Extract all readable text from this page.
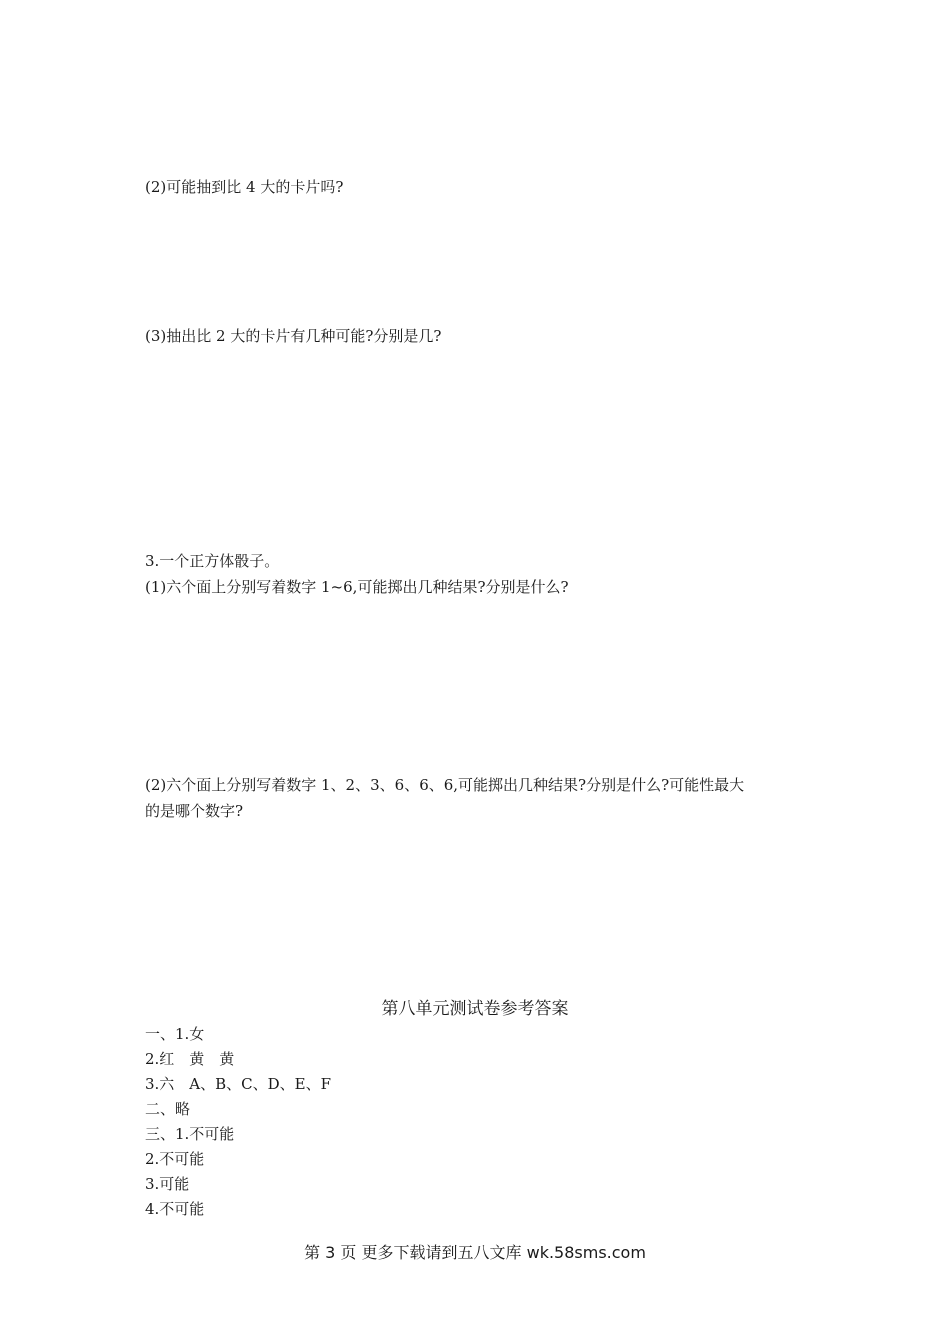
(2)可能抽到比 4 大的卡片吗?

(3)抽出比 2 大的卡片有几种可能?分别是几?

3.一个正方体骰子。

(1)六个面上分别写着数字 1~6,可能掷出几种结果?分别是什么?

(2)六个面上分别写着数字 1、2、3、6、6、6,可能掷出几种结果?分别是什么?可能性最大

的是哪个数字?

第八单元测试卷参考答案

一、1.女

2.红　黄　黄

3.六　A、B、C、D、E、F

二、略

三、1.不可能

2.不可能

3.可能

4.不可能

第 3 页 更多下载请到五八文库 wk.58sms.com
